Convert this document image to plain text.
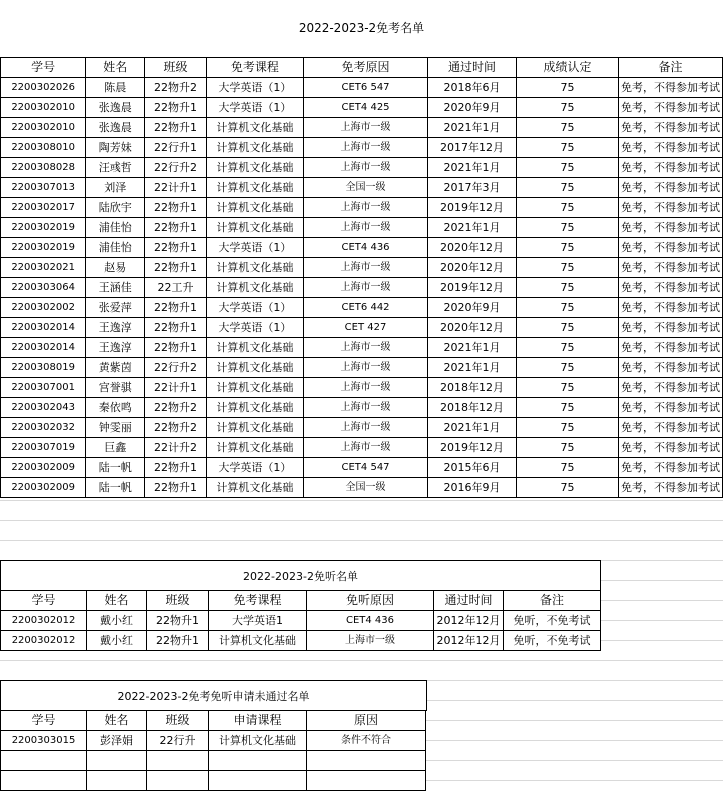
2022-2023-2免考名单
学号	姓名	班级	免考课程	免考原因	通过时间	成绩认定	备注
2200302026	陈晨	22物升2	大学英语（1）	CET6 547	2018年6月	75	免考，不得参加考试
2200302010	张逸晨	22物升1	大学英语（1）	CET4 425	2020年9月	75	免考，不得参加考试
2200302010	张逸晨	22物升1	计算机文化基础	上海市一级	2021年1月	75	免考，不得参加考试
2200308010	陶芳妹	22行升1	计算机文化基础	上海市一级	2017年12月	75	免考，不得参加考试
2200308028	汪彧哲	22行升2	计算机文化基础	上海市一级	2021年1月	75	免考，不得参加考试
2200307013	刘泽	22计升1	计算机文化基础	全国一级	2017年3月	75	免考，不得参加考试
2200302017	陆欣宇	22物升1	计算机文化基础	上海市一级	2019年12月	75	免考，不得参加考试
2200302019	浦佳怡	22物升1	计算机文化基础	上海市一级	2021年1月	75	免考，不得参加考试
2200302019	浦佳怡	22物升1	大学英语（1）	CET4 436	2020年12月	75	免考，不得参加考试
2200302021	赵易	22物升1	计算机文化基础	上海市一级	2020年12月	75	免考，不得参加考试
2200303064	王涵佳	22工升	计算机文化基础	上海市一级	2019年12月	75	免考，不得参加考试
2200302002	张爱萍	22物升1	大学英语（1）	CET6 442	2020年9月	75	免考，不得参加考试
2200302014	王逸淳	22物升1	大学英语（1）	CET 427	2020年12月	75	免考，不得参加考试
2200302014	王逸淳	22物升1	计算机文化基础	上海市一级	2021年1月	75	免考，不得参加考试
2200308019	黄紫茵	22行升2	计算机文化基础	上海市一级	2021年1月	75	免考，不得参加考试
2200307001	宫誉骐	22计升1	计算机文化基础	上海市一级	2018年12月	75	免考，不得参加考试
2200302043	秦依鸣	22物升2	计算机文化基础	上海市一级	2018年12月	75	免考，不得参加考试
2200302032	钟雯丽	22物升2	计算机文化基础	上海市一级	2021年1月	75	免考，不得参加考试
2200307019	巨鑫	22计升2	计算机文化基础	上海市一级	2019年12月	75	免考，不得参加考试
2200302009	陆一帆	22物升1	大学英语（1）	CET4 547	2015年6月	75	免考，不得参加考试
2200302009	陆一帆	22物升1	计算机文化基础	全国一级	2016年9月	75	免考，不得参加考试
2022-2023-2免听名单
学号	姓名	班级	免考课程	免听原因	通过时间	备注
2200302012	戴小红	22物升1	大学英语1	CET4 436	2012年12月	免听，不免考试
2200302012	戴小红	22物升1	计算机文化基础	上海市一级	2012年12月	免听，不免考试
2022-2023-2免考免听申请未通过名单
学号	姓名	班级	申请课程	原因
2200303015	彭泽娟	22行升	计算机文化基础	条件不符合
